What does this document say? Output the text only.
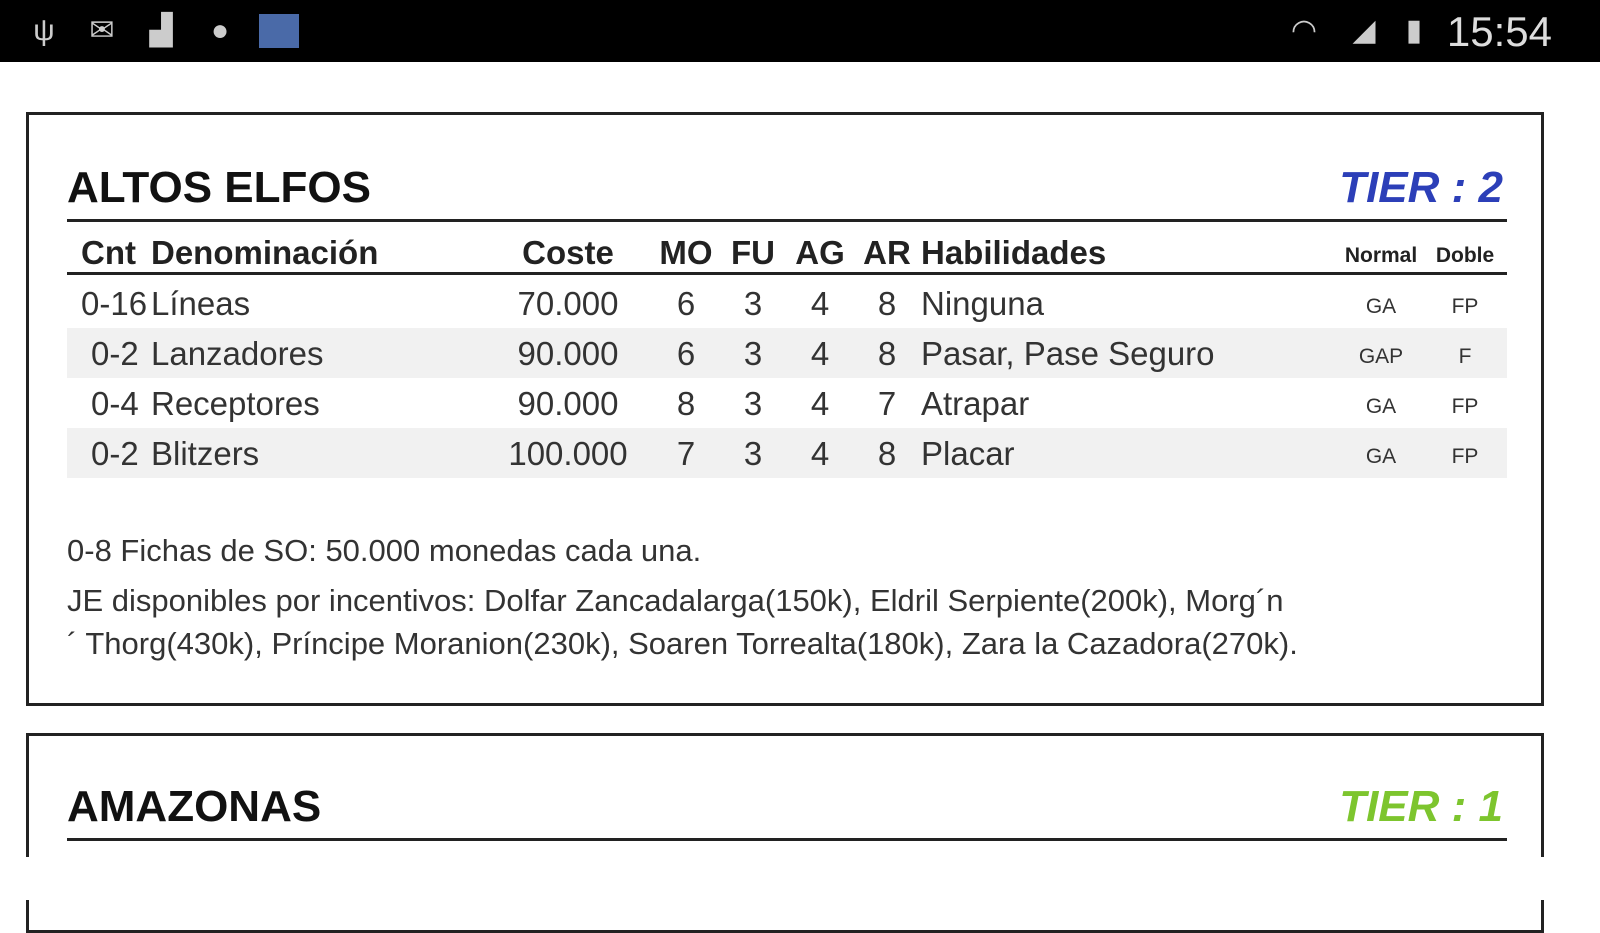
ψ	✉ ▟	●	◠ ◢	▮ 15:54
ALTOS ELFOS	TIER : 2
Cnt Denominación	Coste MO FU AG AR Habilidades	Normal Doble
0-16 Líneas	70.000 6 3 4 8 Ninguna	GA	FP
0-2 Lanzadores	90.000 6 3 4 8 Pasar, Pase Seguro	GAP	F
0-4 Receptores	90.000 8 3 4 7 Atrapar	GA	FP
0-2 Blitzers	100.000 7 3 4 8 Placar	GA	FP
0-8 Fichas de SO: 50.000 monedas cada una.
JE disponibles por incentivos: Dolfar Zancadalarga(150k), Eldril Serpiente(200k), Morg´n
´ Thorg(430k), Príncipe Moranion(230k), Soaren Torrealta(180k), Zara la Cazadora(270k).
AMAZONAS	TIER : 1
